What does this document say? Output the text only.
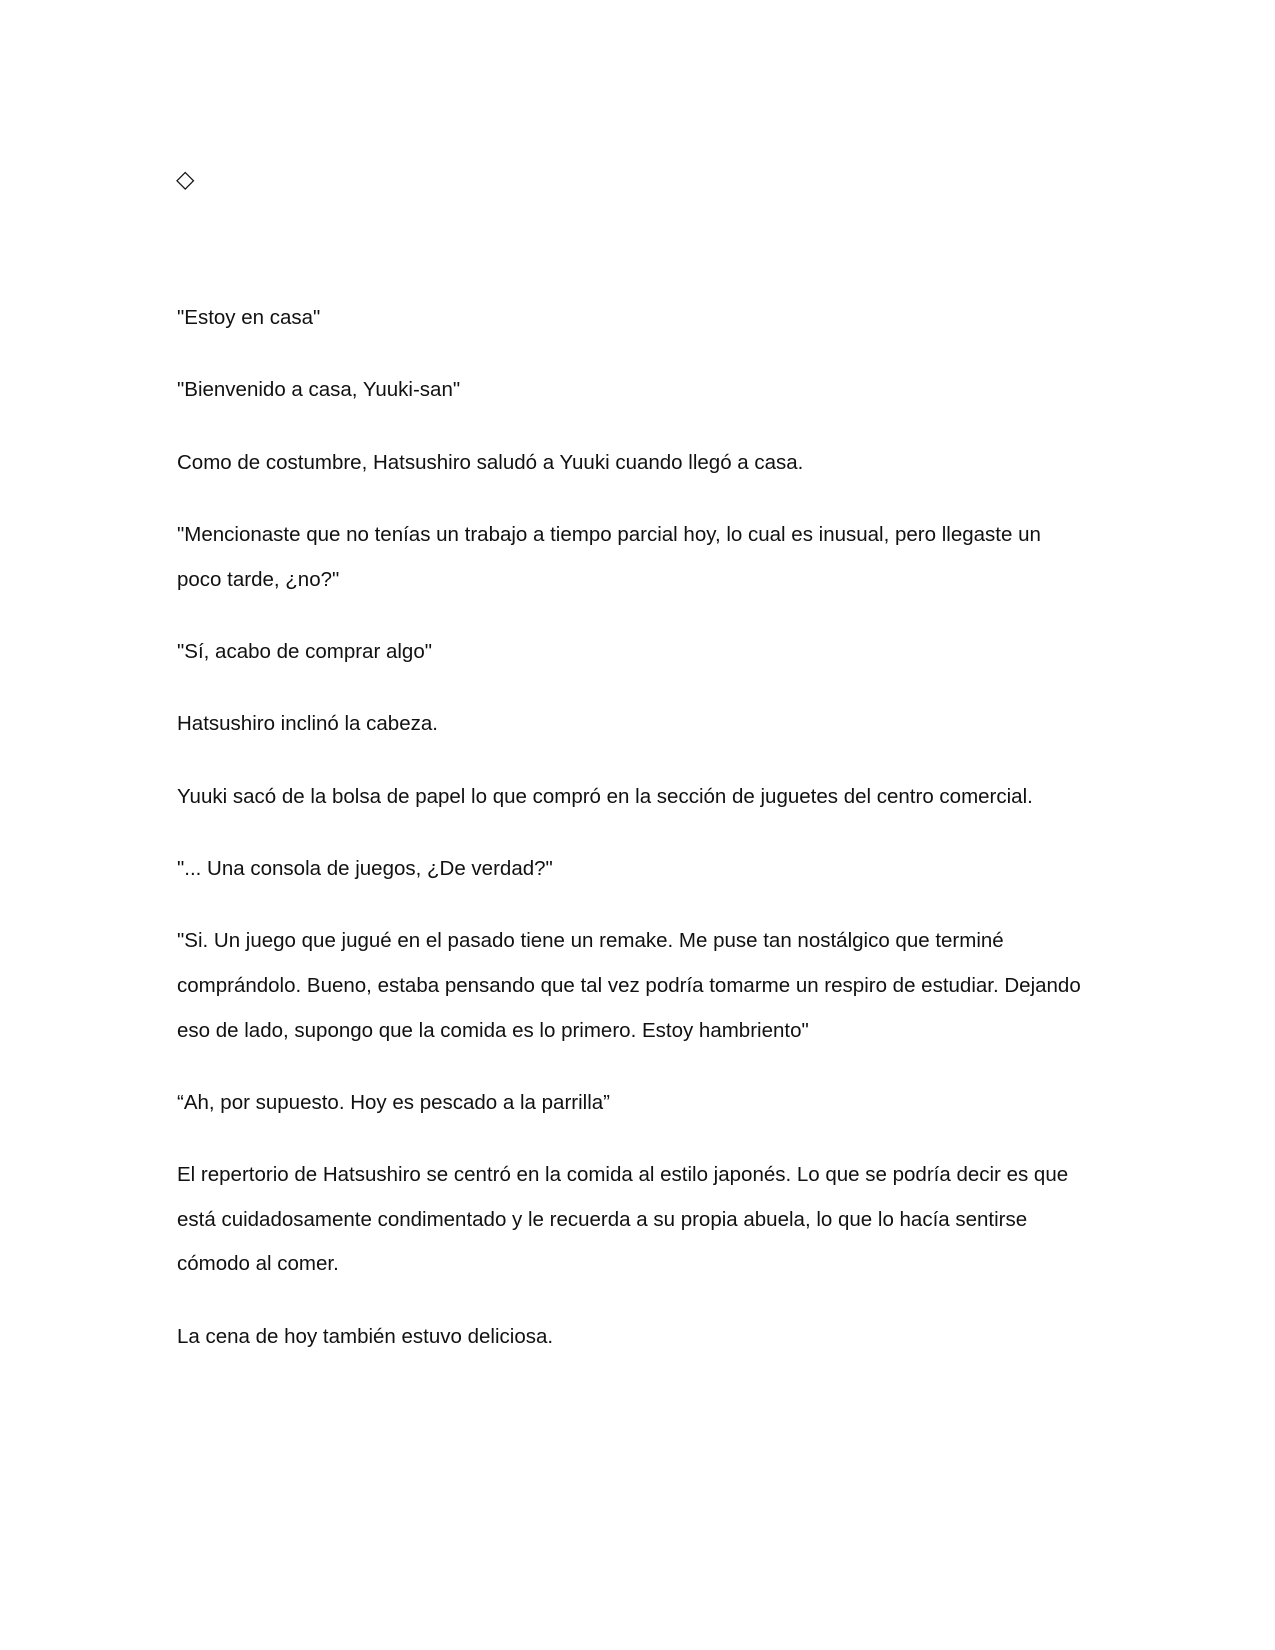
◇
"Estoy en casa"
"Bienvenido a casa, Yuuki-san"
Como de costumbre, Hatsushiro saludó a Yuuki cuando llegó a casa.
"Mencionaste que no tenías un trabajo a tiempo parcial hoy, lo cual es inusual, pero llegaste un
poco tarde, ¿no?"
"Sí, acabo de comprar algo"
Hatsushiro inclinó la cabeza.
Yuuki sacó de la bolsa de papel lo que compró en la sección de juguetes del centro comercial.
"... Una consola de juegos, ¿De verdad?"
"Si. Un juego que jugué en el pasado tiene un remake. Me puse tan nostálgico que terminé
comprándolo. Bueno, estaba pensando que tal vez podría tomarme un respiro de estudiar. Dejando
eso de lado, supongo que la comida es lo primero. Estoy hambriento"
“Ah, por supuesto. Hoy es pescado a la parrilla”
El repertorio de Hatsushiro se centró en la comida al estilo japonés. Lo que se podría decir es que
está cuidadosamente condimentado y le recuerda a su propia abuela, lo que lo hacía sentirse
cómodo al comer.
La cena de hoy también estuvo deliciosa.
